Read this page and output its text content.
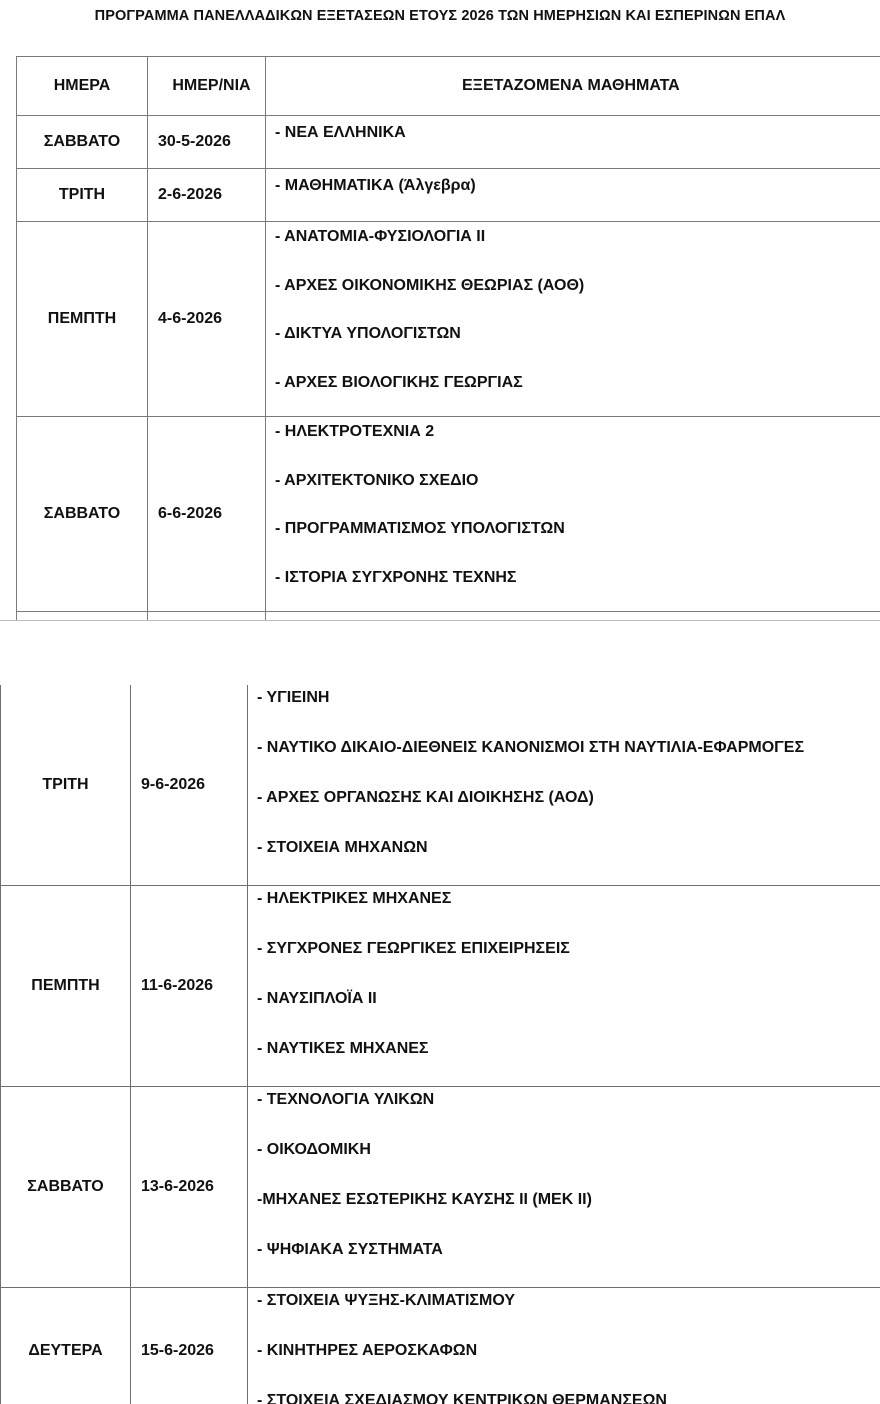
ΠΡΟΓΡΑΜΜΑ ΠΑΝΕΛΛΑΔΙΚΩΝ ΕΞΕΤΑΣΕΩΝ ΕΤΟΥΣ 2026 ΤΩΝ ΗΜΕΡΗΣΙΩΝ ΚΑΙ ΕΣΠΕΡΙΝΩΝ ΕΠΑΛ
ΗΜΕΡΑ	ΗΜΕΡ/ΝΙΑ	ΕΞΕΤΑΖΟΜΕΝΑ ΜΑΘΗΜΑΤΑ
ΣΑΒΒΑΤΟ	30-5-2026	- ΝΕΑ ΕΛΛΗΝΙΚΑ

ΤΡΙΤΗ	2-6-2026	- ΜΑΘΗΜΑΤΙΚΑ (Άλγεβρα)

ΠΕΜΠΤΗ	4-6-2026	- ΑΝΑΤΟΜΙΑ-ΦΥΣΙΟΛΟΓΙΑ ΙΙ
- ΑΡΧΕΣ ΟΙΚΟΝΟΜΙΚΗΣ ΘΕΩΡΙΑΣ (ΑΟΘ)
- ΔΙΚΤΥΑ ΥΠΟΛΟΓΙΣΤΩΝ
- ΑΡΧΕΣ ΒΙΟΛΟΓΙΚΗΣ ΓΕΩΡΓΙΑΣ

ΣΑΒΒΑΤΟ	6-6-2026	- ΗΛΕΚΤΡΟΤΕΧΝΙΑ 2
- ΑΡΧΙΤΕΚΤΟΝΙΚΟ ΣΧΕΔΙΟ
- ΠΡΟΓΡΑΜΜΑΤΙΣΜΟΣ ΥΠΟΛΟΓΙΣΤΩΝ
- ΙΣΤΟΡΙΑ ΣΥΓΧΡΟΝΗΣ ΤΕΧΝΗΣ

ΤΡΙΤΗ	9-6-2026	- ΥΓΙΕΙΝΗ
- ΝΑΥΤΙΚΟ ΔΙΚΑΙΟ-ΔΙΕΘΝΕΙΣ ΚΑΝΟΝΙΣΜΟΙ ΣΤΗ ΝΑΥΤΙΛΙΑ-ΕΦΑΡΜΟΓΕΣ
- ΑΡΧΕΣ ΟΡΓΑΝΩΣΗΣ ΚΑΙ ΔΙΟΙΚΗΣΗΣ (ΑΟΔ)
- ΣΤΟΙΧΕΙΑ ΜΗΧΑΝΩΝ

ΠΕΜΠΤΗ	11-6-2026	- ΗΛΕΚΤΡΙΚΕΣ ΜΗΧΑΝΕΣ
- ΣΥΓΧΡΟΝΕΣ ΓΕΩΡΓΙΚΕΣ ΕΠΙΧΕΙΡΗΣΕΙΣ
- ΝΑΥΣΙΠΛΟΪΑ ΙΙ
- ΝΑΥΤΙΚΕΣ ΜΗΧΑΝΕΣ

ΣΑΒΒΑΤΟ	13-6-2026	- ΤΕΧΝΟΛΟΓΙΑ ΥΛΙΚΩΝ
- ΟΙΚΟΔΟΜΙΚΗ
-ΜΗΧΑΝΕΣ ΕΣΩΤΕΡΙΚΗΣ ΚΑΥΣΗΣ ΙΙ (ΜΕΚ ΙΙ)
- ΨΗΦΙΑΚΑ ΣΥΣΤΗΜΑΤΑ

ΔΕΥΤΕΡΑ	15-6-2026	- ΣΤΟΙΧΕΙΑ ΨΥΞΗΣ-ΚΛΙΜΑΤΙΣΜΟΥ
- ΚΙΝΗΤΗΡΕΣ ΑΕΡΟΣΚΑΦΩΝ
- ΣΤΟΙΧΕΙΑ ΣΧΕΔΙΑΣΜΟΥ ΚΕΝΤΡΙΚΩΝ ΘΕΡΜΑΝΣΕΩΝ
